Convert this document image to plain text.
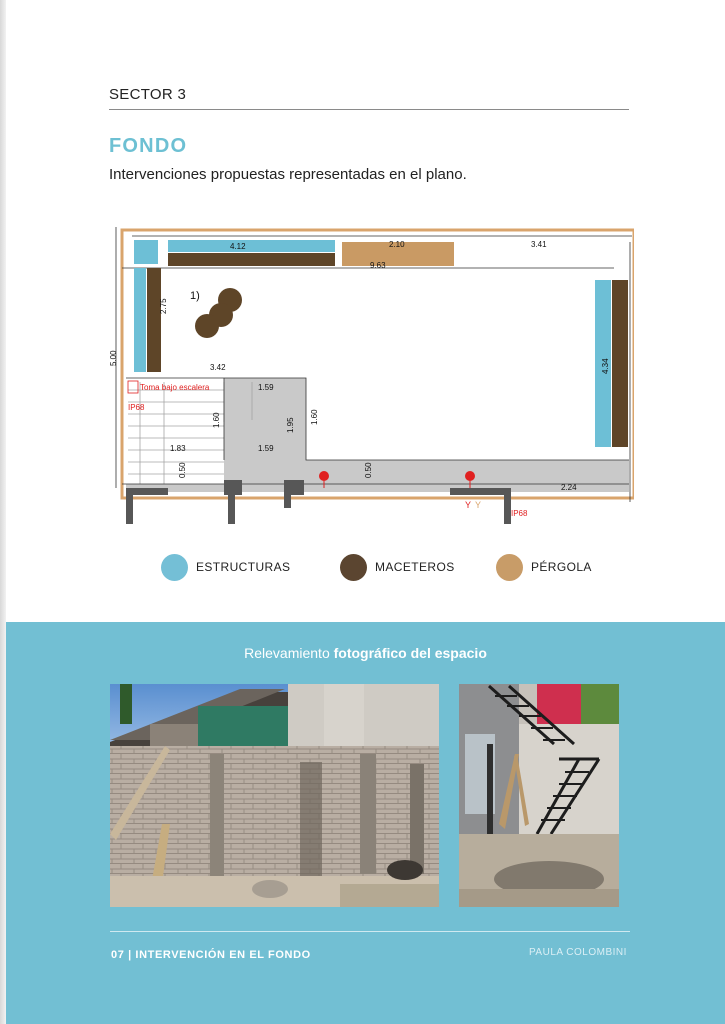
SECTOR 3
FONDO
Intervenciones propuestas representadas en el plano.
1)
4.12	2.10	3.41
9.63
3.42
1.59
1.83	1.59
2.24
2.75
5.00
1.60	1.95
1.60
0.50	0.50
4.34
Toma bajo escalera
IP68
IP68
Y Y
ESTRUCTURAS	MACETEROS	PÉRGOLA
Relevamiento fotográfico del espacio
07 | INTERVENCIÓN EN EL FONDO	PAULA COLOMBINI
